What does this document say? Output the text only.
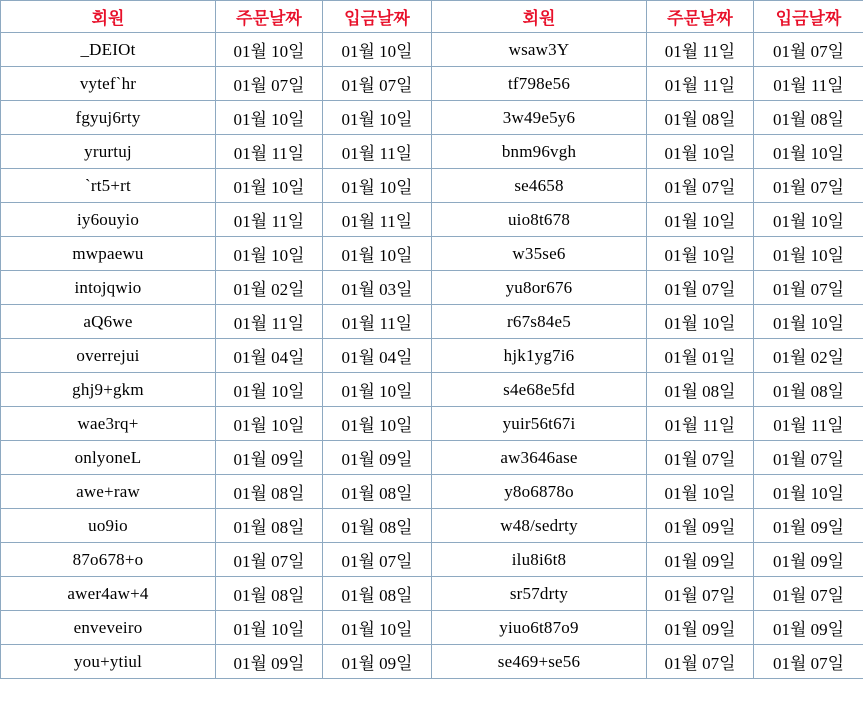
회원	주문날짜	입금날짜	회원	주문날짜	입금날짜
_DEIOt	01월 10일	01월 10일	wsaw3Y	01월 11일	01월 07일
vytef`hr	01월 07일	01월 07일	tf798e56	01월 11일	01월 11일
fgyuj6rty	01월 10일	01월 10일	3w49e5y6	01월 08일	01월 08일
yrurtuj	01월 11일	01월 11일	bnm96vgh	01월 10일	01월 10일
`rt5+rt	01월 10일	01월 10일	se4658	01월 07일	01월 07일
iy6ouyio	01월 11일	01월 11일	uio8t678	01월 10일	01월 10일
mwpaewu	01월 10일	01월 10일	w35se6	01월 10일	01월 10일
intojqwio	01월 02일	01월 03일	yu8or676	01월 07일	01월 07일
aQ6we	01월 11일	01월 11일	r67s84e5	01월 10일	01월 10일
overrejui	01월 04일	01월 04일	hjk1yg7i6	01월 01일	01월 02일
ghj9+gkm	01월 10일	01월 10일	s4e68e5fd	01월 08일	01월 08일
wae3rq+	01월 10일	01월 10일	yuir56t67i	01월 11일	01월 11일
onlyoneL	01월 09일	01월 09일	aw3646ase	01월 07일	01월 07일
awe+raw	01월 08일	01월 08일	y8o6878o	01월 10일	01월 10일
uo9io	01월 08일	01월 08일	w48/sedrty	01월 09일	01월 09일
87o678+o	01월 07일	01월 07일	ilu8i6t8	01월 09일	01월 09일
awer4aw+4	01월 08일	01월 08일	sr57drty	01월 07일	01월 07일
enveveiro	01월 10일	01월 10일	yiuo6t87o9	01월 09일	01월 09일
you+ytiul	01월 09일	01월 09일	se469+se56	01월 07일	01월 07일
